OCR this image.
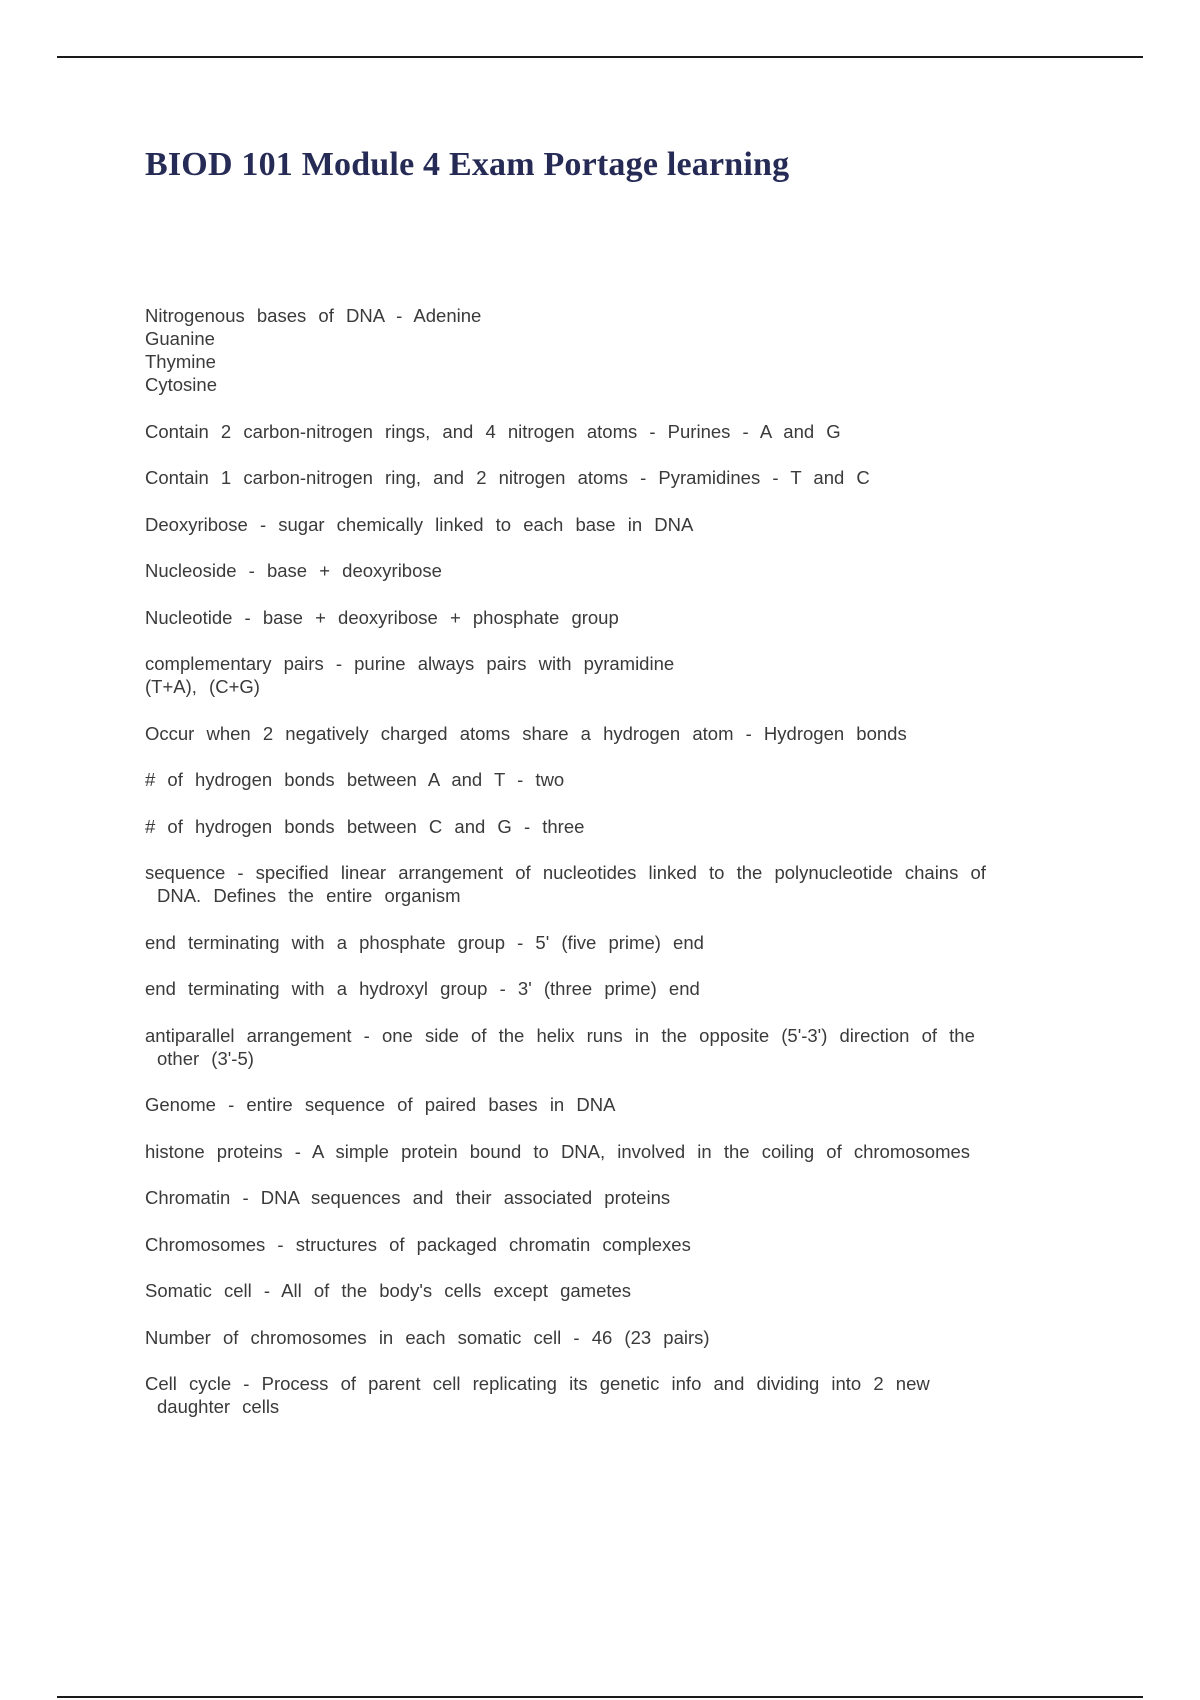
BIOD 101 Module 4 Exam Portage learning
Nitrogenous bases of DNA - Adenine
Guanine
Thymine
Cytosine
Contain 2 carbon-nitrogen rings, and 4 nitrogen atoms - Purines - A and G
Contain 1 carbon-nitrogen ring, and 2 nitrogen atoms - Pyramidines - T and C
Deoxyribose - sugar chemically linked to each base in DNA
Nucleoside - base + deoxyribose
Nucleotide - base + deoxyribose + phosphate group
complementary pairs - purine always pairs with pyramidine
(T+A), (C+G)
Occur when 2 negatively charged atoms share a hydrogen atom - Hydrogen bonds
# of hydrogen bonds between A and T - two
# of hydrogen bonds between C and G - three
sequence - specified linear arrangement of nucleotides linked to the polynucleotide chains of
DNA. Defines the entire organism
end terminating with a phosphate group - 5' (five prime) end
end terminating with a hydroxyl group - 3' (three prime) end
antiparallel arrangement - one side of the helix runs in the opposite (5'-3') direction of the
other (3'-5)
Genome - entire sequence of paired bases in DNA
histone proteins - A simple protein bound to DNA, involved in the coiling of chromosomes
Chromatin - DNA sequences and their associated proteins
Chromosomes - structures of packaged chromatin complexes
Somatic cell - All of the body's cells except gametes
Number of chromosomes in each somatic cell - 46 (23 pairs)
Cell cycle - Process of parent cell replicating its genetic info and dividing into 2 new
daughter cells
